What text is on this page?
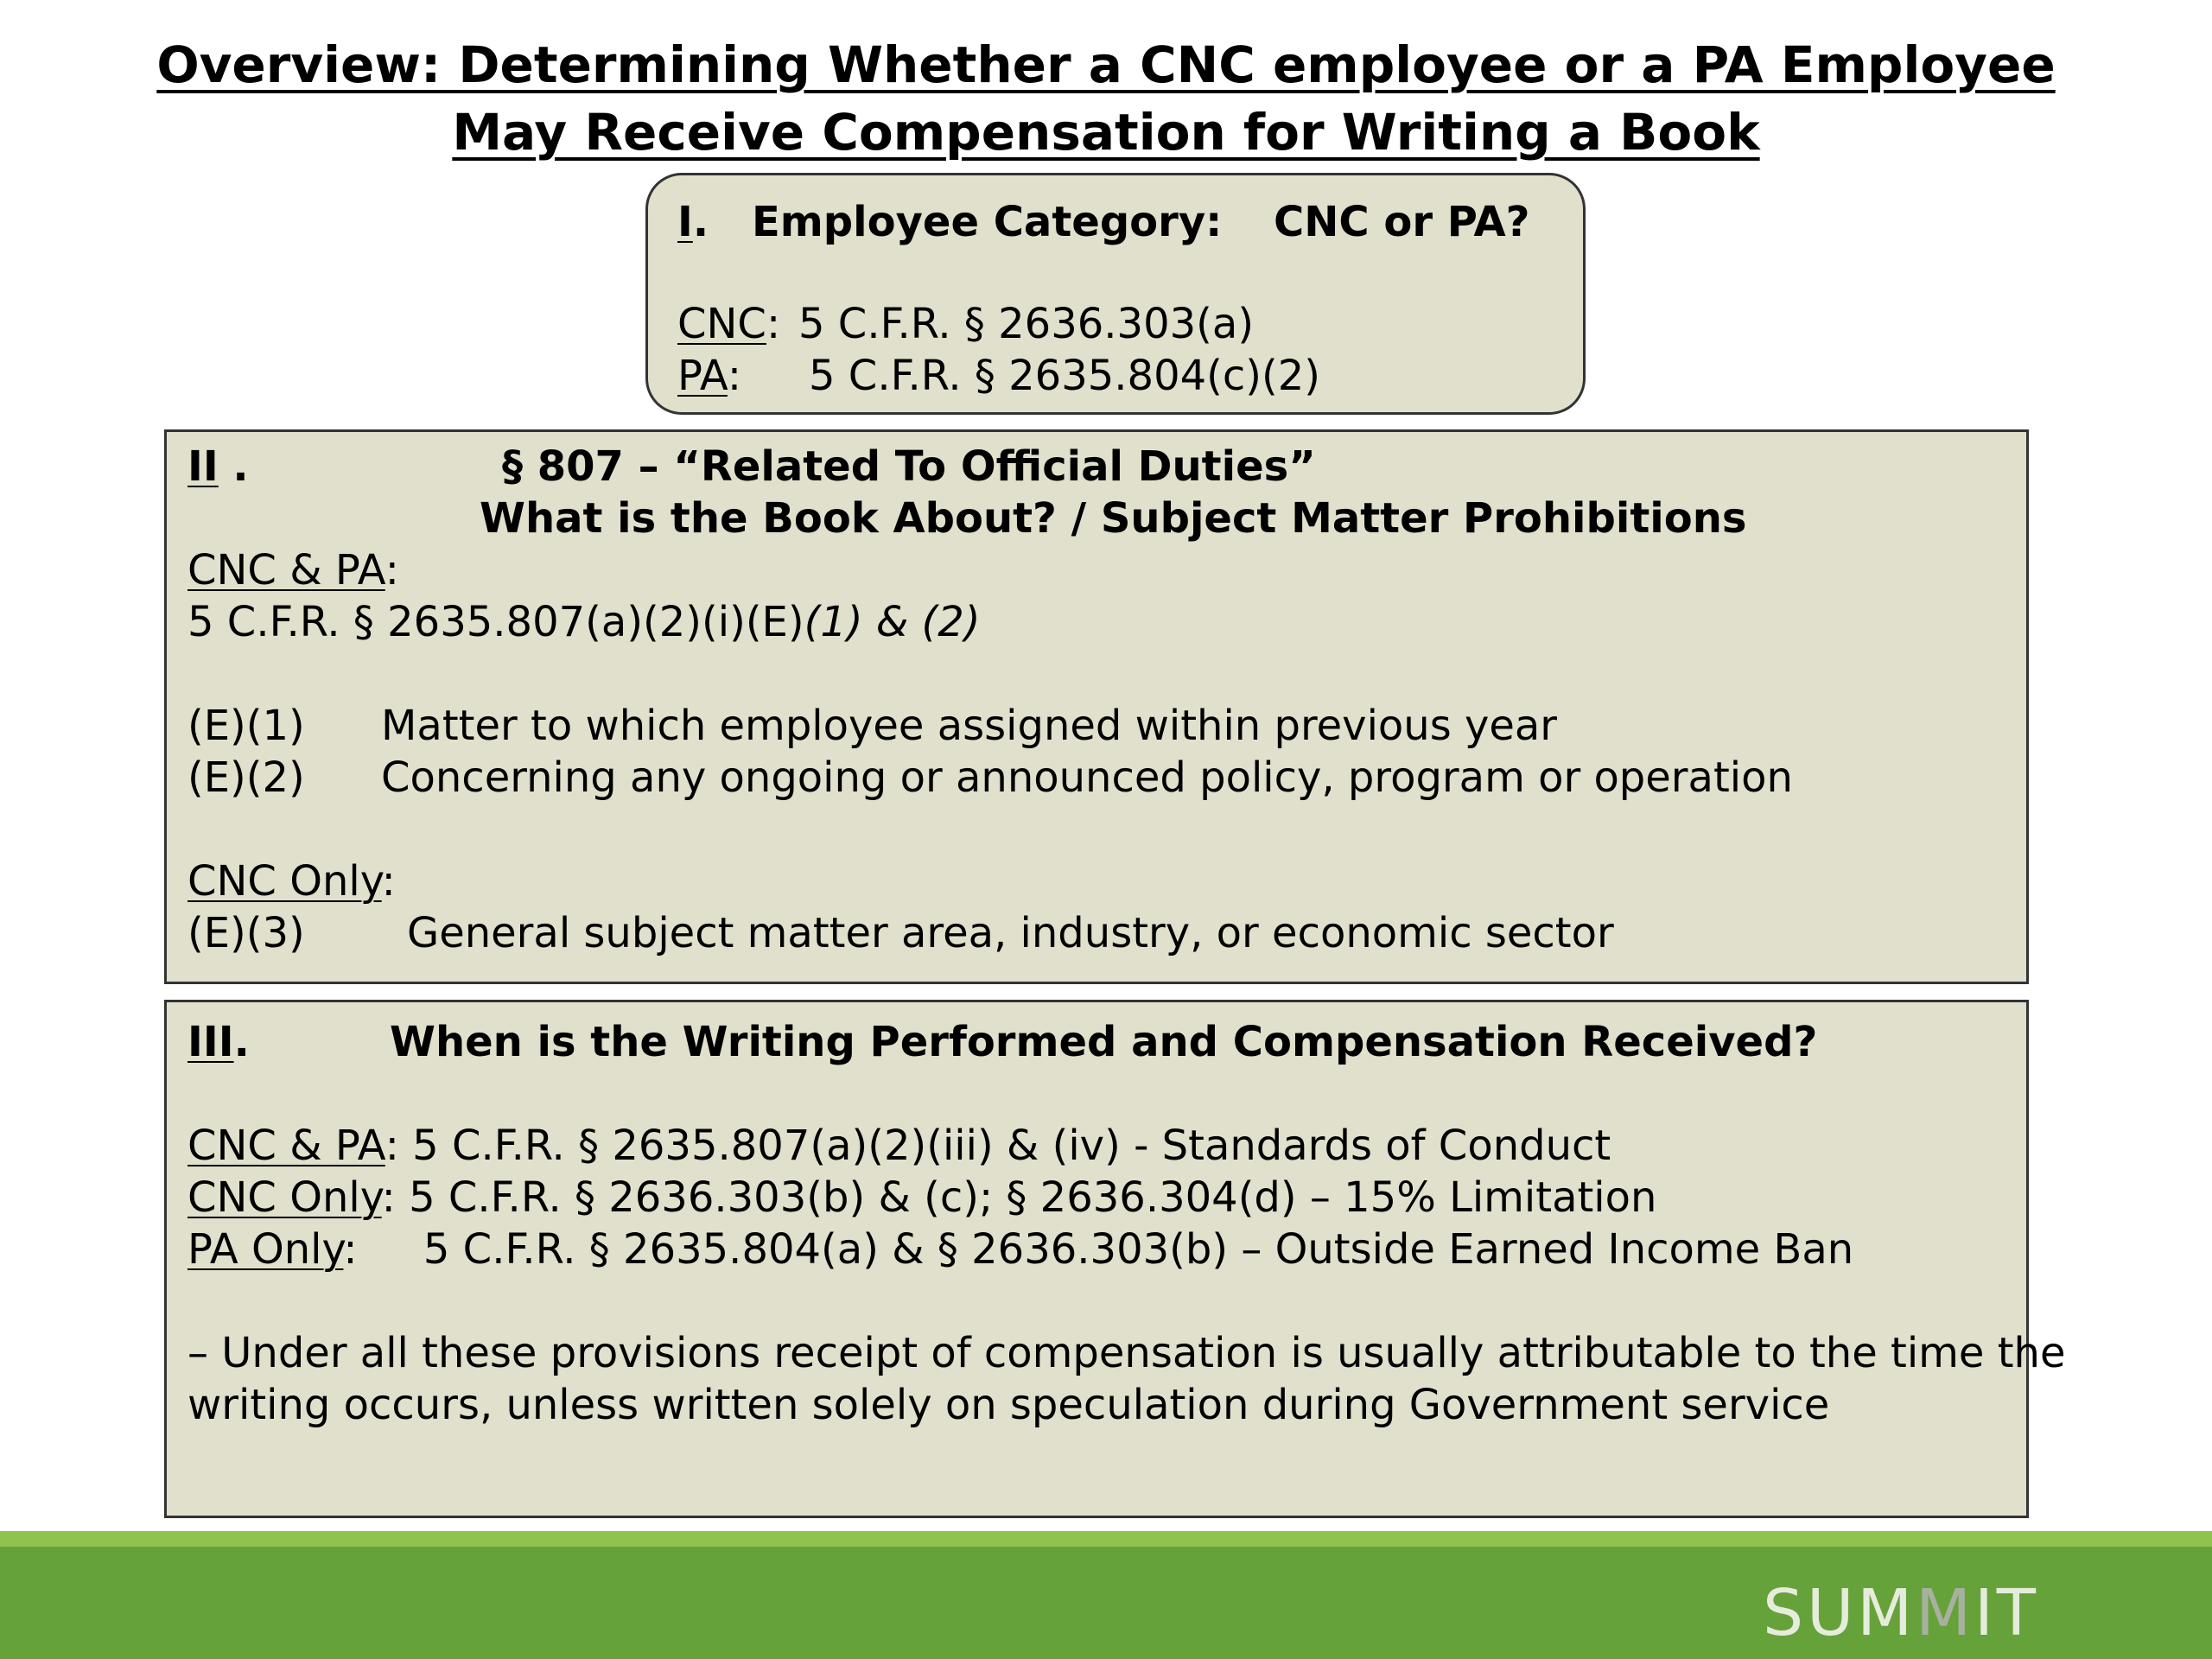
Overview: Determining Whether a CNC employee or a PA Employee
May Receive Compensation for Writing a Book
I. Employee Category: CNC or PA?
CNC: 5 C.F.R. § 2636.303(a)
PA: 5 C.F.R. § 2635.804(c)(2)
II .	§ 807 – “Related To Official Duties”
What is the Book About? / Subject Matter Prohibitions
CNC & PA:
5 C.F.R. § 2635.807(a)(2)(i)(E)(1) & (2)
(E)(1) Matter to which employee assigned within previous year
(E)(2) Concerning any ongoing or announced policy, program or operation
CNC Only:
(E)(3) General subject matter area, industry, or economic sector
III.	When is the Writing Performed and Compensation Received?
CNC & PA: 5 C.F.R. § 2635.807(a)(2)(iii) & (iv) - Standards of Conduct
CNC Only: 5 C.F.R. § 2636.303(b) & (c); § 2636.304(d) – 15% Limitation
PA Only:     5 C.F.R. § 2635.804(a) & § 2636.303(b) – Outside Earned Income Ban
– Under all these provisions receipt of compensation is usually attributable to the time the
writing occurs, unless written solely on speculation during Government service
SUMMIT
